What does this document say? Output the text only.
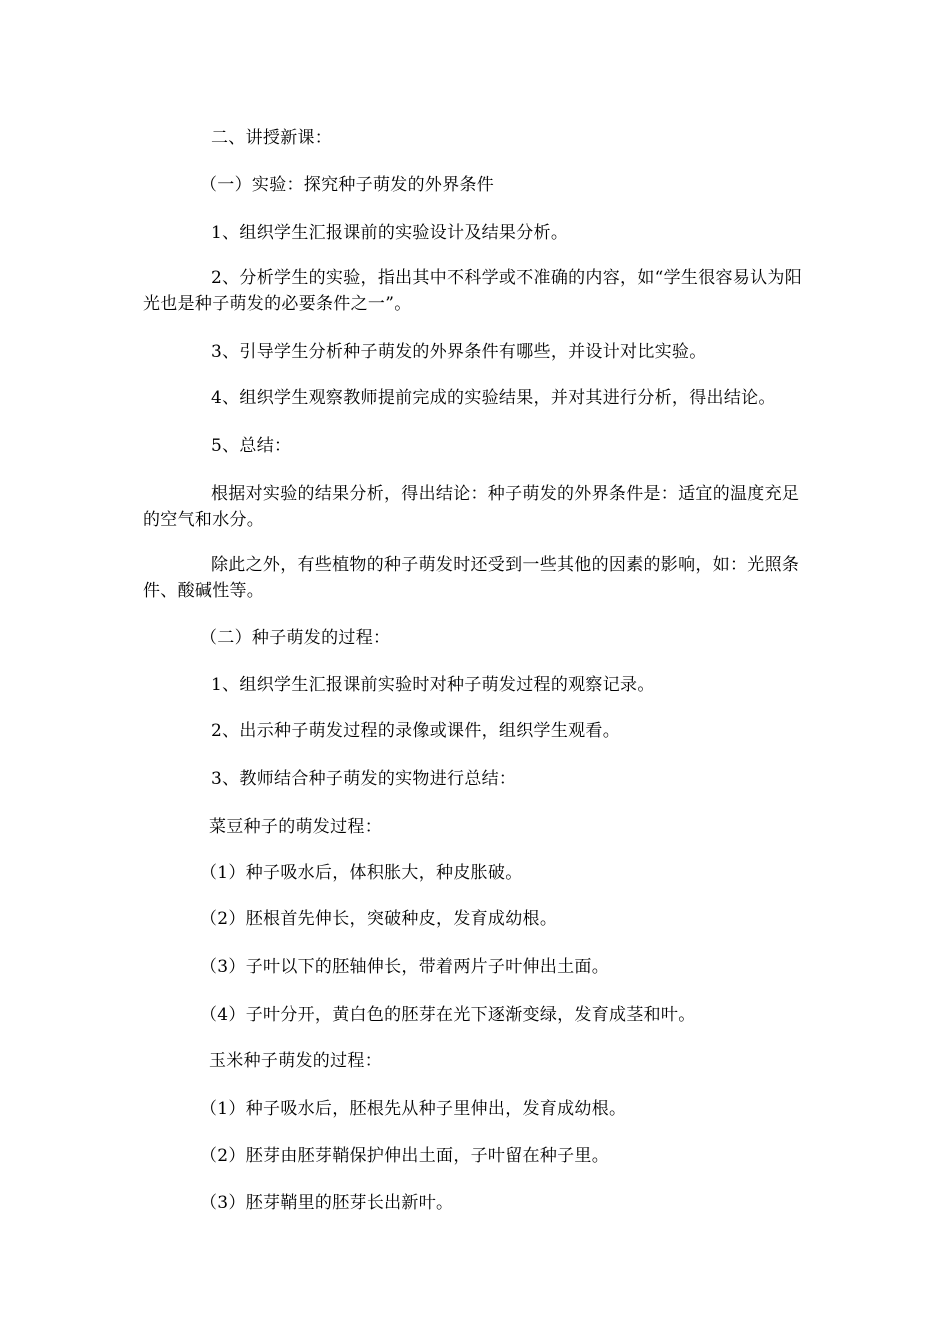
二、讲授新课：
（一）实验：探究种子萌发的外界条件
1、组织学生汇报课前的实验设计及结果分析。
2、分析学生的实验，指出其中不科学或不准确的内容，如“学生很容易认为阳光也是种子萌发的必要条件之一”。
3、引导学生分析种子萌发的外界条件有哪些，并设计对比实验。
4、组织学生观察教师提前完成的实验结果，并对其进行分析，得出结论。
5、总结：
根据对实验的结果分析，得出结论：种子萌发的外界条件是：适宜的温度充足的空气和水分。
除此之外，有些植物的种子萌发时还受到一些其他的因素的影响，如：光照条件、酸碱性等。
（二）种子萌发的过程：
1、组织学生汇报课前实验时对种子萌发过程的观察记录。
2、出示种子萌发过程的录像或课件，组织学生观看。
3、教师结合种子萌发的实物进行总结：
菜豆种子的萌发过程：
（1）种子吸水后，体积胀大，种皮胀破。
（2）胚根首先伸长，突破种皮，发育成幼根。
（3）子叶以下的胚轴伸长，带着两片子叶伸出土面。
（4）子叶分开，黄白色的胚芽在光下逐渐变绿，发育成茎和叶。
玉米种子萌发的过程：
（1）种子吸水后，胚根先从种子里伸出，发育成幼根。
（2）胚芽由胚芽鞘保护伸出土面，子叶留在种子里。
（3）胚芽鞘里的胚芽长出新叶。
